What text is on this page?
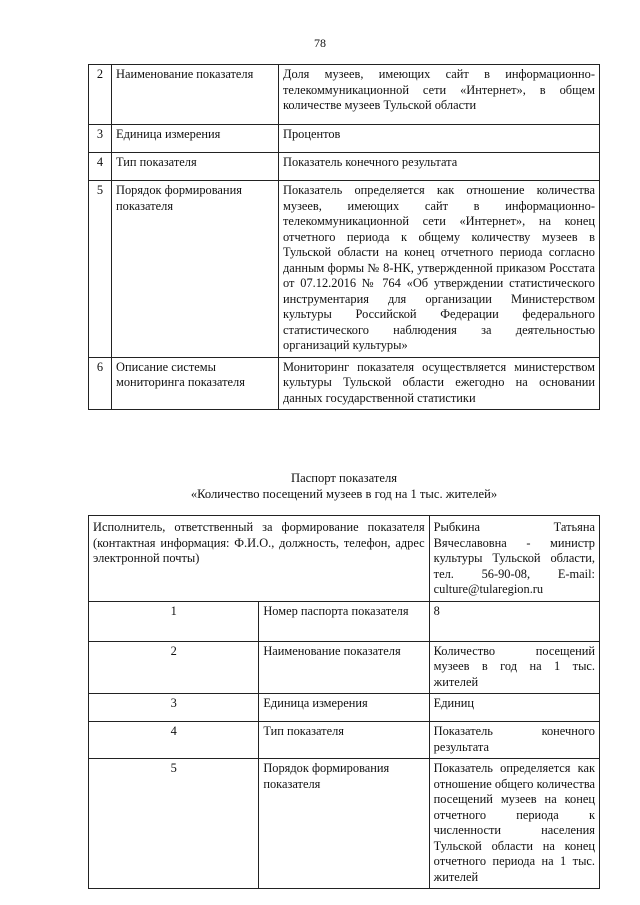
78
2	Наименование показателя	Доля музеев, имеющих сайт в информационно-телекоммуникационной сети «Интернет», в общем количестве музеев Тульской области
3	Единица измерения	Процентов
4	Тип показателя	Показатель конечного результата
5	Порядок формирования показателя	Показатель определяется как отношение количества музеев, имеющих сайт в информационно-телекоммуникационной сети «Интернет», на конец отчетного периода к общему количеству музеев в Тульской области на конец отчетного периода согласно данным формы № 8-НК, утвержденной приказом Росстата от 07.12.2016 № 764 «Об утверждении статистического инструментария для организации Министерством культуры Российской Федерации федерального статистического наблюдения за деятельностью организаций культуры»
6	Описание системы мониторинга показателя	Мониторинг показателя осуществляется министерством культуры Тульской области ежегодно на основании данных государственной статистики
Паспорт показателя
«Количество посещений музеев в год на 1 тыс. жителей»
Исполнитель, ответственный за формирование показателя (контактная информация: Ф.И.О., должность, телефон, адрес электронной почты)		Рыбкина Татьяна Вячеславовна - министр культуры Тульской области, тел. 56-90-08, E-mail: culture@tularegion.ru
1	Номер паспорта показателя	8
2	Наименование показателя	Количество посещений музеев в год на 1 тыс. жителей
3	Единица измерения	Единиц
4	Тип показателя	Показатель конечного результата
5	Порядок формирования показателя	Показатель определяется как отношение общего количества посещений музеев на конец отчетного периода к численности населения Тульской области на конец отчетного периода на 1 тыс. жителей
